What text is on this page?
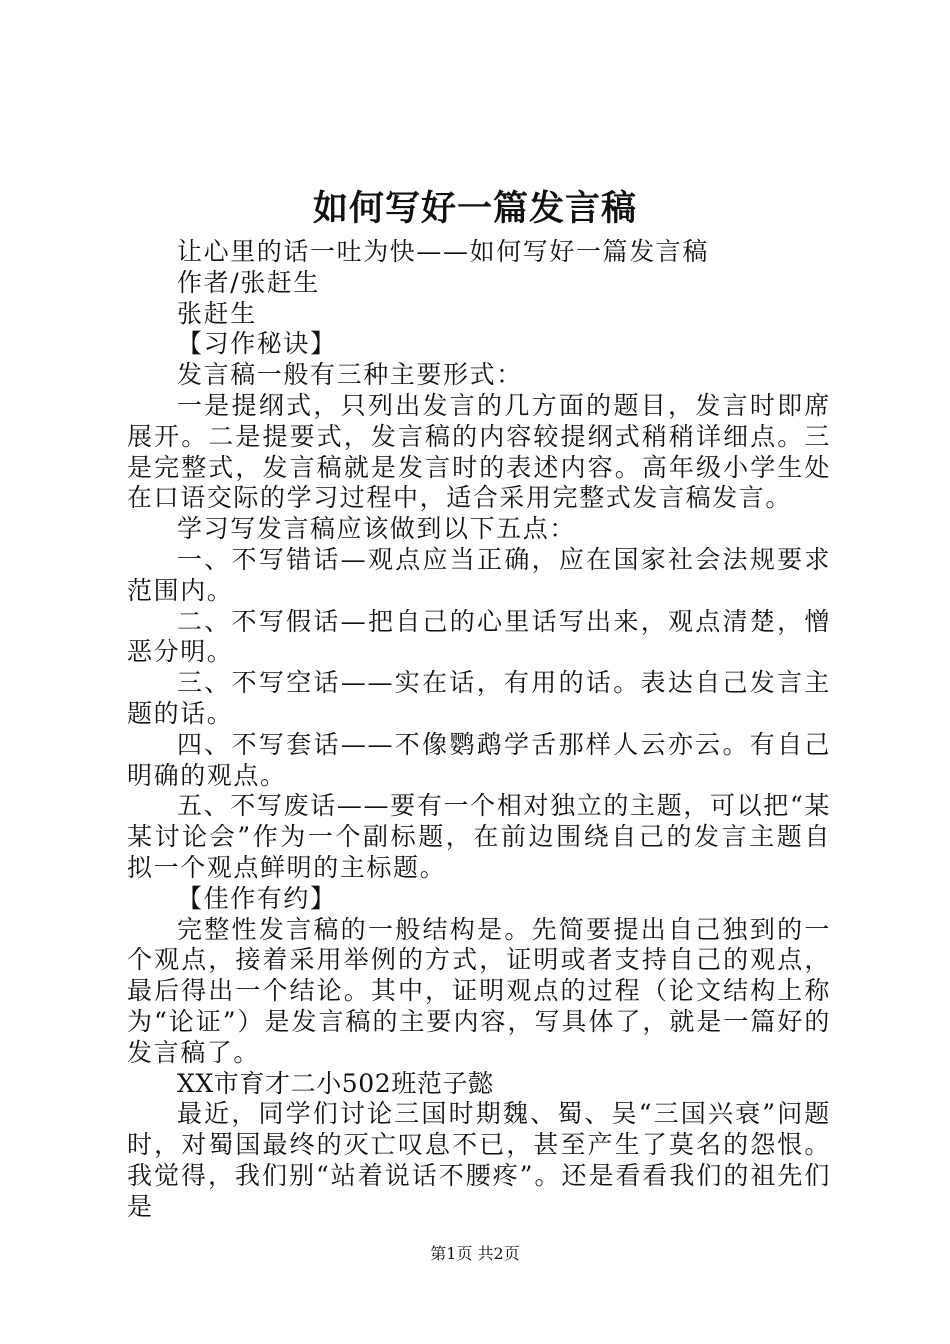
如何写好一篇发言稿

让心里的话一吐为快——如何写好一篇发言稿

作者/张赶生

张赶生

【习作秘诀】

发言稿一般有三种主要形式：

一是提纲式，只列出发言的几方面的题目，发言时即席展开。二是提要式，发言稿的内容较提纲式稍稍详细点。三是完整式，发言稿就是发言时的表述内容。高年级小学生处在口语交际的学习过程中，适合采用完整式发言稿发言。

学习写发言稿应该做到以下五点：

一、不写错话—观点应当正确，应在国家社会法规要求范围内。

二、不写假话—把自己的心里话写出来，观点清楚，憎恶分明。

三、不写空话——实在话，有用的话。表达自己发言主题的话。

四、不写套话——不像鹦鹉学舌那样人云亦云。有自己明确的观点。

五、不写废话——要有一个相对独立的主题，可以把“某某讨论会”作为一个副标题，在前边围绕自己的发言主题自拟一个观点鲜明的主标题。

【佳作有约】

完整性发言稿的一般结构是。先简要提出自己独到的一个观点，接着采用举例的方式，证明或者支持自己的观点，最后得出一个结论。其中，证明观点的过程（论文结构上称为“论证”）是发言稿的主要内容，写具体了，就是一篇好的发言稿了。

XX市育才二小502班范子懿

最近，同学们讨论三国时期魏、蜀、吴“三国兴衰”问题时，对蜀国最终的灭亡叹息不已，甚至产生了莫名的怨恨。我觉得，我们别“站着说话不腰疼”。还是看看我们的祖先们是

第1页 共2页
